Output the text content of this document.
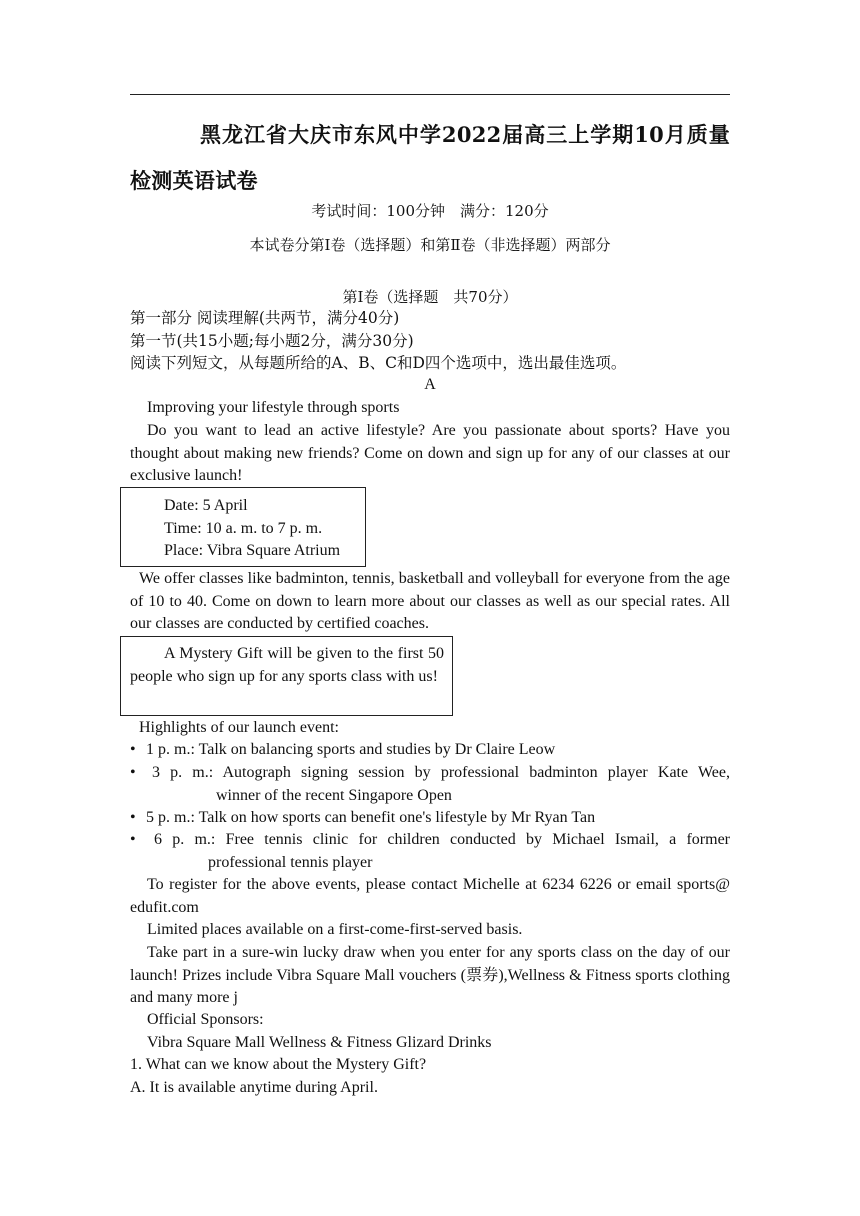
黑龙江省大庆市东风中学2022届高三上学期10月质量检测英语试卷
考试时间：100分钟　满分：120分
本试卷分第Ⅰ卷（选择题）和第Ⅱ卷（非选择题）两部分
第Ⅰ卷（选择题　共70分）
第一部分 阅读理解(共两节，满分40分)
第一节(共15小题;每小题2分，满分30分)
阅读下列短文，从每题所给的A、B、C和D四个选项中，选出最佳选项。
A
Improving your lifestyle through sports
Do you want to lead an active lifestyle? Are you passionate about sports? Have you thought about making new friends? Come on down and sign up for any of our classes at our exclusive launch!
Date: 5 April
Time: 10 a. m. to 7 p. m.
Place: Vibra Square Atrium
We offer classes like badminton, tennis, basketball and volleyball for everyone from the age of 10 to 40. Come on down to learn more about our classes as well as our special rates. All our classes are conducted by certified coaches.
A Mystery Gift will be given to the first 50 people who sign up for any sports class with us!
Highlights of our launch event:
• 1 p. m.: Talk on balancing sports and studies by Dr Claire Leow
•	3 p. m.: Autograph signing session by professional badminton player Kate Wee,
winner of the recent Singapore Open
• 5 p. m.: Talk on how sports can benefit one's lifestyle by Mr Ryan Tan
•	6 p. m.: Free tennis clinic for children conducted by Michael Ismail, a former
professional tennis player
To register for the above events, please contact Michelle at 6234 6226 or email sports@ edufit.com
Limited places available on a first-come-first-served basis.
Take part in a sure-win lucky draw when you enter for any sports class on the day of our launch! Prizes include Vibra Square Mall vouchers (票券),Wellness & Fitness sports clothing and many more j
Official Sponsors:
Vibra Square Mall Wellness & Fitness Glizard Drinks
1. What can we know about the Mystery Gift?
A. It is available anytime during April.
